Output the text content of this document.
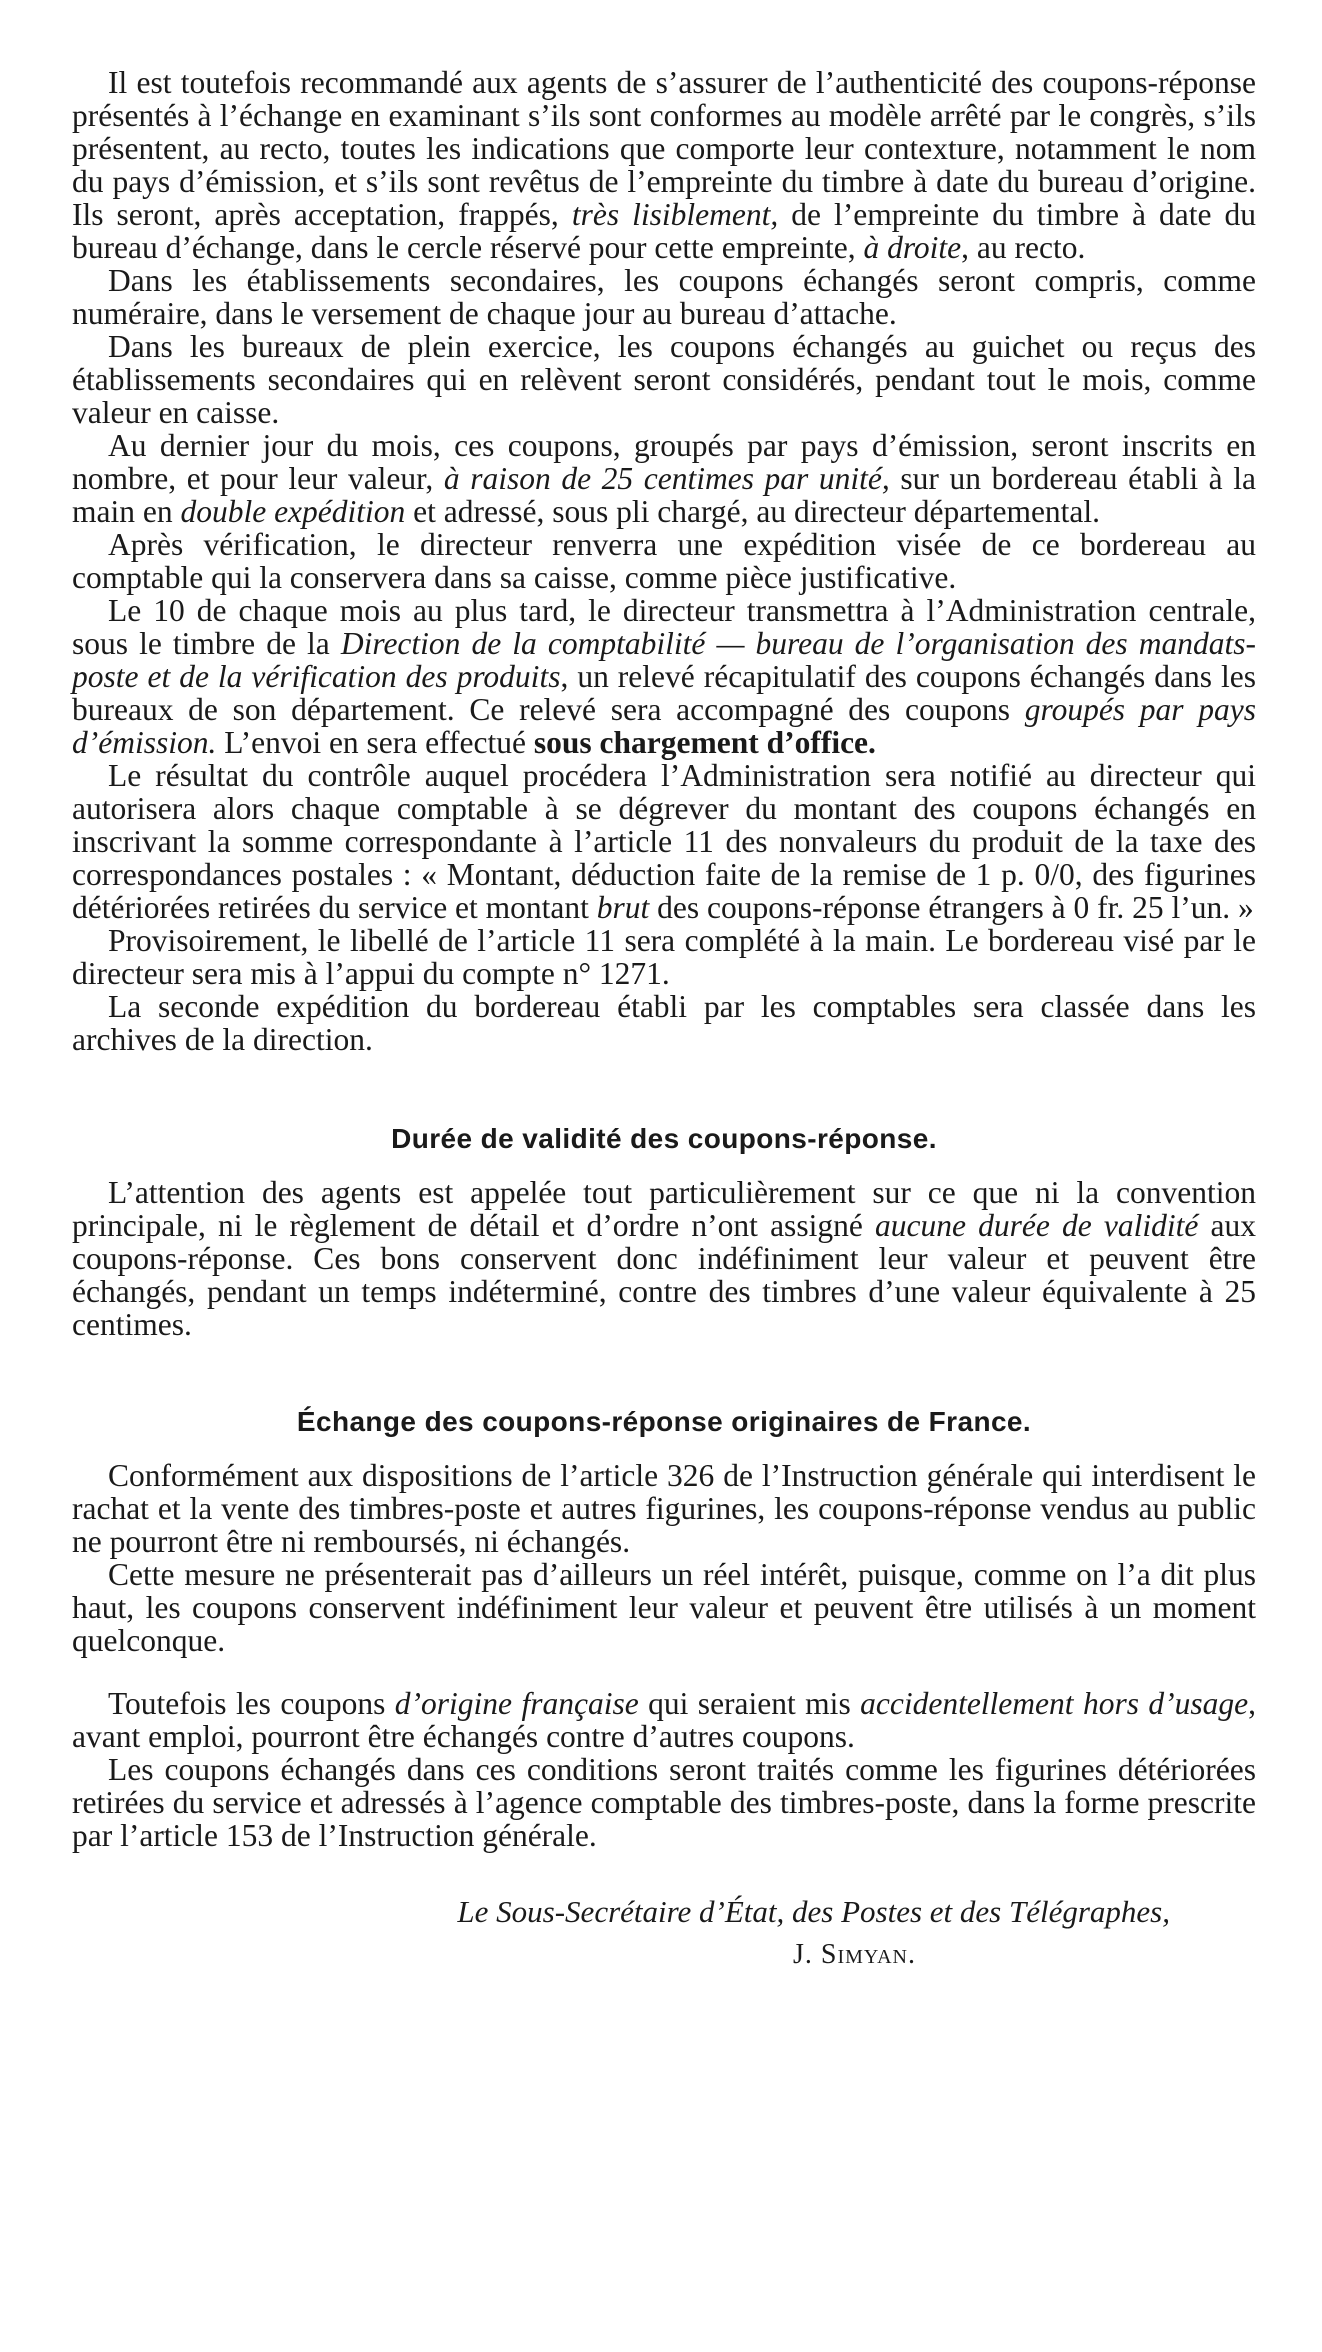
Il est toutefois recommandé aux agents de s’assurer de l’authenticité des coupons-réponse présentés à l’échange en examinant s’ils sont conformes au modèle arrêté par le congrès, s’ils présentent, au recto, toutes les indications que comporte leur contexture, notamment le nom du pays d’émission, et s’ils sont revêtus de l’empreinte du timbre à date du bureau d’origine. Ils seront, après acceptation, frappés, très lisiblement, de l’empreinte du timbre à date du bureau d’échange, dans le cercle réservé pour cette empreinte, à droite, au recto.

Dans les établissements secondaires, les coupons échangés seront compris, comme numéraire, dans le versement de chaque jour au bureau d’attache.

Dans les bureaux de plein exercice, les coupons échangés au guichet ou reçus des établissements secondaires qui en relèvent seront considérés, pendant tout le mois, comme valeur en caisse.

Au dernier jour du mois, ces coupons, groupés par pays d’émission, seront inscrits en nombre, et pour leur valeur, à raison de 25 centimes par unité, sur un bordereau établi à la main en double expédition et adressé, sous pli chargé, au directeur départemental.

Après vérification, le directeur renverra une expédition visée de ce bordereau au comptable qui la conservera dans sa caisse, comme pièce justificative.

Le 10 de chaque mois au plus tard, le directeur transmettra à l’Administration centrale, sous le timbre de la Direction de la comptabilité — bureau de l’organisation des mandats-poste et de la vérification des produits, un relevé récapitulatif des coupons échangés dans les bureaux de son département. Ce relevé sera accompagné des coupons groupés par pays d’émission. L’envoi en sera effectué sous chargement d’office.

Le résultat du contrôle auquel procédera l’Administration sera notifié au directeur qui autorisera alors chaque comptable à se dégrever du montant des coupons échangés en inscrivant la somme correspondante à l’article 11 des nonvaleurs du produit de la taxe des correspondances postales : « Montant, déduction faite de la remise de 1 p. 0/0, des figurines détériorées retirées du service et montant brut des coupons-réponse étrangers à 0 fr. 25 l’un. »

Provisoirement, le libellé de l’article 11 sera complété à la main. Le bordereau visé par le directeur sera mis à l’appui du compte n° 1271.

La seconde expédition du bordereau établi par les comptables sera classée dans les archives de la direction.

Durée de validité des coupons-réponse.

L’attention des agents est appelée tout particulièrement sur ce que ni la convention principale, ni le règlement de détail et d’ordre n’ont assigné aucune durée de validité aux coupons-réponse. Ces bons conservent donc indéfiniment leur valeur et peuvent être échangés, pendant un temps indéterminé, contre des timbres d’une valeur équivalente à 25 centimes.

Échange des coupons-réponse originaires de France.

Conformément aux dispositions de l’article 326 de l’Instruction générale qui interdisent le rachat et la vente des timbres-poste et autres figurines, les coupons-réponse vendus au public ne pourront être ni remboursés, ni échangés.

Cette mesure ne présenterait pas d’ailleurs un réel intérêt, puisque, comme on l’a dit plus haut, les coupons conservent indéfiniment leur valeur et peuvent être utilisés à un moment quelconque.

Toutefois les coupons d’origine française qui seraient mis accidentellement hors d’usage, avant emploi, pourront être échangés contre d’autres coupons.

Les coupons échangés dans ces conditions seront traités comme les figurines détériorées retirées du service et adressés à l’agence comptable des timbres-poste, dans la forme prescrite par l’article 153 de l’Instruction générale.

Le Sous-Secrétaire d’État, des Postes et des Télégraphes,

J. Simyan.
